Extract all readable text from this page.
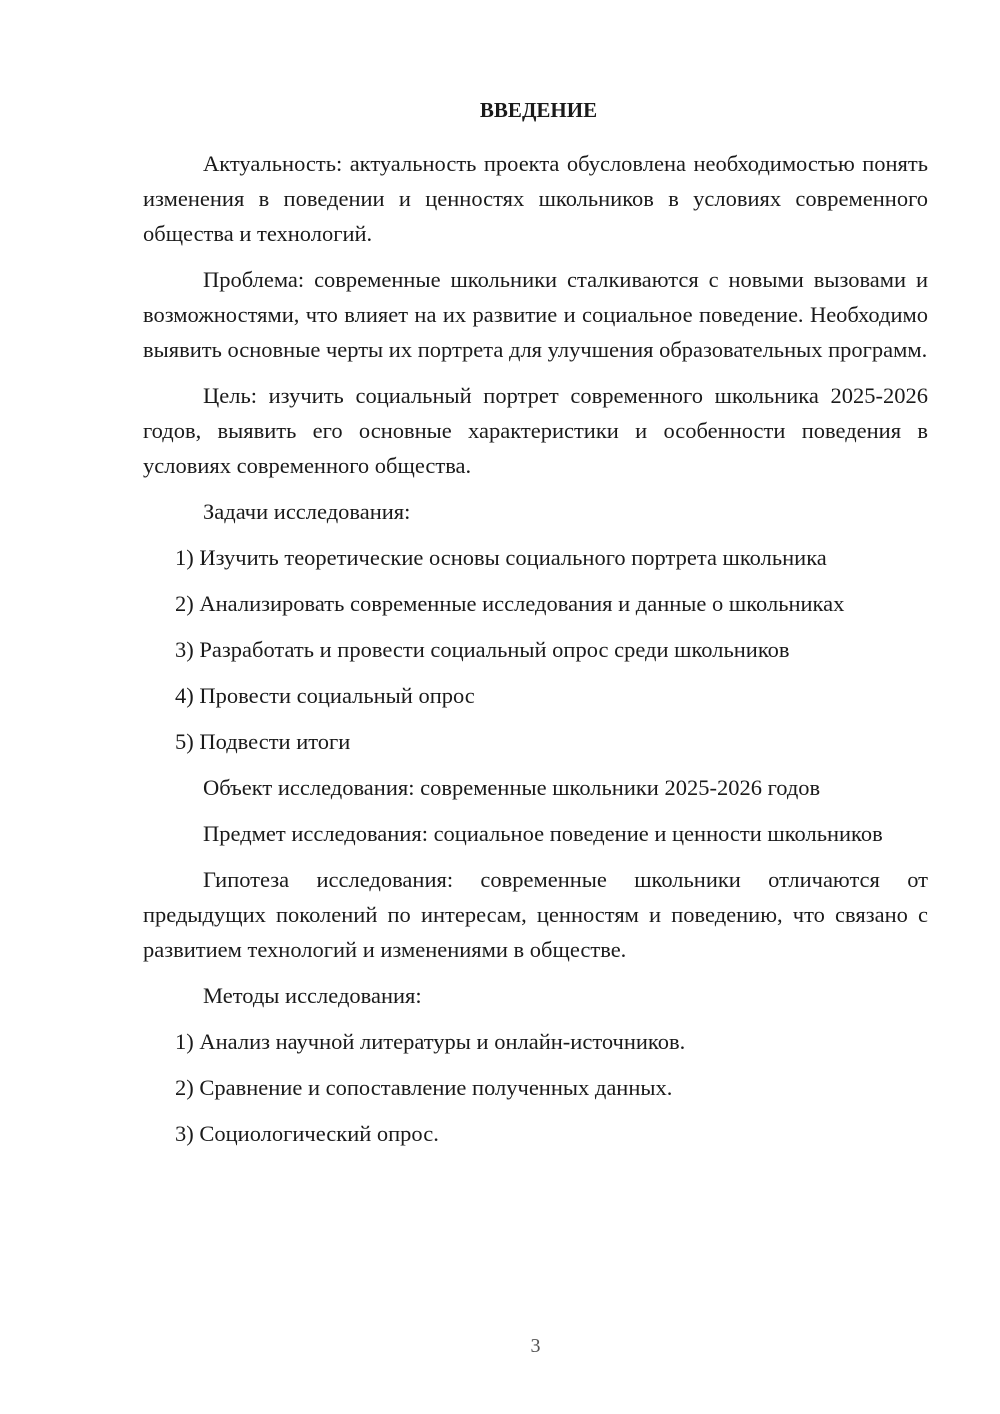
ВВЕДЕНИЕ

Актуальность: актуальность проекта обусловлена необходимостью понять изменения в поведении и ценностях школьников в условиях современного общества и технологий.

Проблема: современные школьники сталкиваются с новыми вызовами и возможностями, что влияет на их развитие и социальное поведение. Необходимо выявить основные черты их портрета для улучшения образовательных программ.

Цель: изучить социальный портрет современного школьника 2025-2026 годов, выявить его основные характеристики и особенности поведения в условиях современного общества.

Задачи исследования:

1) Изучить теоретические основы социального портрета школьника

2) Анализировать современные исследования и данные о школьниках

3) Разработать и провести социальный опрос среди школьников

4) Провести социальный опрос

5) Подвести итоги

Объект исследования: современные школьники 2025-2026 годов

Предмет исследования: социальное поведение и ценности школьников

Гипотеза исследования: современные школьники отличаются от предыдущих поколений по интересам, ценностям и поведению, что связано с развитием технологий и изменениями в обществе.

Методы исследования:

1) Анализ научной литературы и онлайн-источников.

2) Сравнение и сопоставление полученных данных.

3) Социологический опрос.

3
